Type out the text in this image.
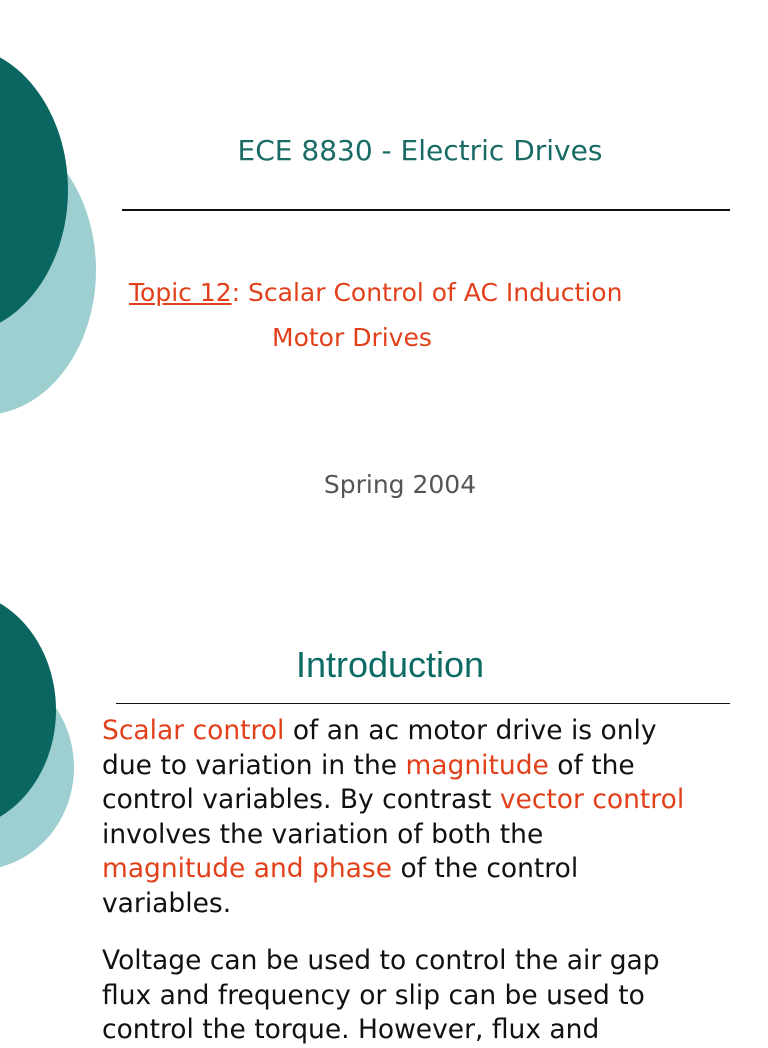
ECE 8830 - Electric Drives
Topic 12: Scalar Control of AC Induction
Motor Drives
Spring 2004
Introduction
Scalar control of an ac motor drive is only
due to variation in the magnitude of the
control variables. By contrast vector control
involves the variation of both the
magnitude and phase of the control
variables.
Voltage can be used to control the air gap
flux and frequency or slip can be used to
control the torque. However, flux and
